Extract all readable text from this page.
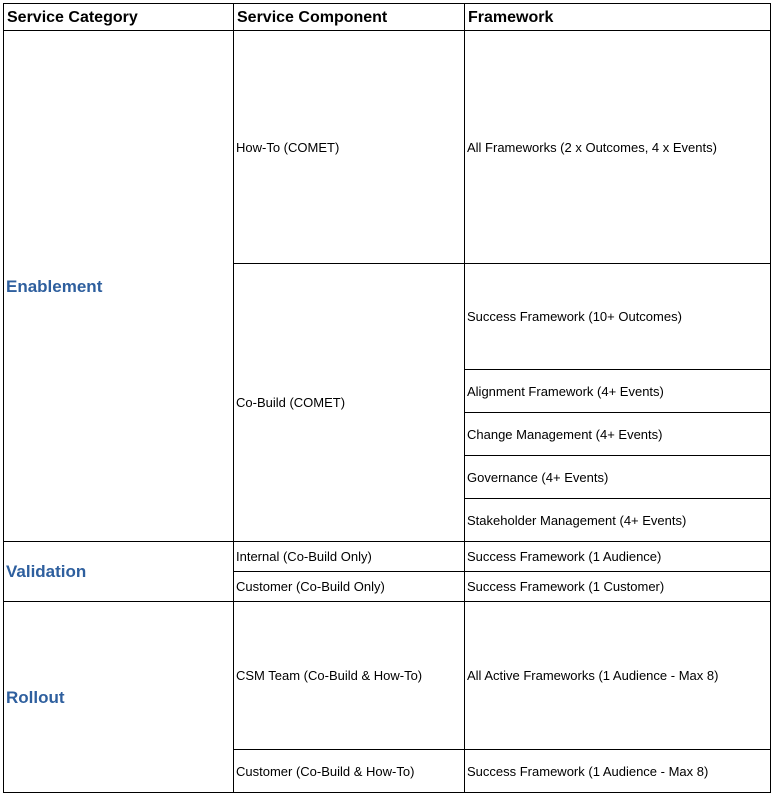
Service Category	Service Component	Framework
Enablement	How-To (COMET)	All Frameworks (2 x Outcomes, 4 x Events)
	Co-Build (COMET)	Success Framework (10+ Outcomes)
		Alignment Framework (4+ Events)
		Change Management (4+ Events)
		Governance (4+ Events)
		Stakeholder Management (4+ Events)
Validation	Internal (Co-Build Only)	Success Framework (1 Audience)
	Customer (Co-Build Only)	Success Framework (1 Customer)
Rollout	CSM Team (Co-Build & How-To)	All Active Frameworks (1 Audience - Max 8)
	Customer (Co-Build & How-To)	Success Framework (1 Audience - Max 8)
